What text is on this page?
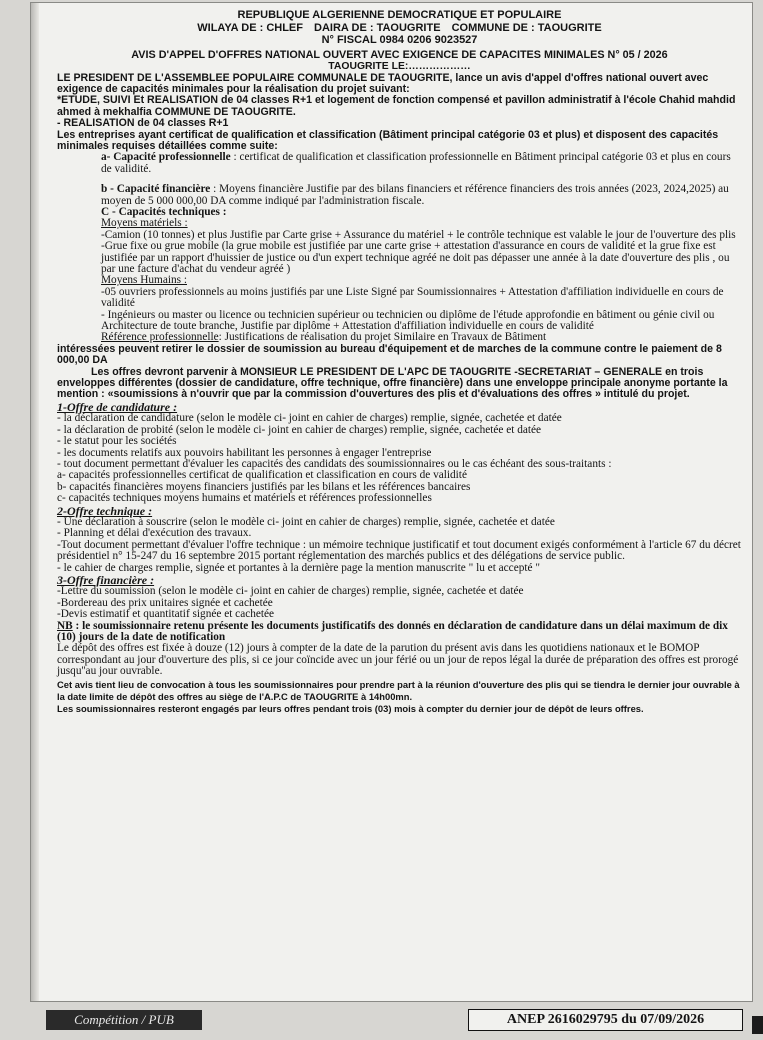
REPUBLIQUE ALGERIENNE DEMOCRATIQUE ET POPULAIRE
WILAYA DE : CHLEF DAIRA DE : TAOUGRITE COMMUNE DE : TAOUGRITE
N° FISCAL 0984 0206 9023527
AVIS D'APPEL D'OFFRES NATIONAL OUVERT AVEC EXIGENCE DE CAPACITES MINIMALES N° 05 / 2026
TAOUGRITE LE:………………

LE PRESIDENT DE L'ASSEMBLEE POPULAIRE COMMUNALE DE TAOUGRITE, lance un avis d'appel d'offres national ouvert avec exigence de capacités minimales pour la réalisation du projet suivant:

*ETUDE, SUIVI Et REALISATION de 04 classes R+1 et logement de fonction compensé et pavillon administratif à l'école Chahid mahdid ahmed à mekhalfia COMMUNE DE TAOUGRITE.

- REALISATION de 04 classes R+1

Les entreprises ayant certificat de qualification et classification (Bâtiment principal catégorie 03 et plus) et disposent des capacités minimales requises détaillées comme suite:

a- Capacité professionnelle : certificat de qualification et classification professionnelle en Bâtiment principal catégorie 03 et plus en cours de validité.

b - Capacité financière : Moyens financière Justifie par des bilans financiers et référence financiers des trois années (2023, 2024,2025) au moyen de 5 000 000,00 DA comme indiqué par l'administration fiscale.

C - Capacités techniques :

Moyens matériels :

-Camion (10 tonnes) et plus Justifie par Carte grise + Assurance du matériel + le contrôle technique est valable le jour de l'ouverture des plis

-Grue fixe ou grue mobile (la grue mobile est justifiée par une carte grise + attestation d'assurance en cours de validité et la grue fixe est justifiée par un rapport d'huissier de justice ou d'un expert technique agréé ne doit pas dépasser une année à la date d'ouverture des plis , ou par une facture d'achat du vendeur agréé )

Moyens Humains :

-05 ouvriers professionnels au moins justifiés par une Liste Signé par Soumissionnaires + Attestation d'affiliation individuelle en cours de validité

- Ingénieurs ou master ou licence ou technicien supérieur ou technicien ou diplôme de l'étude approfondie en bâtiment ou génie civil ou Architecture de toute branche, Justifie par diplôme + Attestation d'affiliation individuelle en cours de validité

Référence professionnelle: Justifications de réalisation du projet Similaire en Travaux de Bâtiment

intéressées peuvent retirer le dossier de soumission au bureau d'équipement et de marches de la commune contre le paiement de 8 000,00 DA

Les offres devront parvenir à MONSIEUR LE PRESIDENT DE L'APC DE TAOUGRITE -SECRETARIAT – GENERALE en trois enveloppes différentes (dossier de candidature, offre technique, offre financière) dans une enveloppe principale anonyme portante la mention : «soumissions à n'ouvrir que par la commission d'ouvertures des plis et d'évaluations des offres » intitulé du projet.

1-Offre de candidature :

- la déclaration de candidature (selon le modèle ci- joint en cahier de charges) remplie, signée, cachetée et datée

- la déclaration de probité (selon le modèle ci- joint en cahier de charges) remplie, signée, cachetée et datée

- le statut pour les sociétés

- les documents relatifs aux pouvoirs habilitant les personnes à engager l'entreprise

- tout document permettant d'évaluer les capacités des candidats des soumissionnaires ou le cas échéant des sous-traitants :

a- capacités professionnelles certificat de qualification et classification en cours de validité

b- capacités financières moyens financiers justifiés par les bilans et les références bancaires

c- capacités techniques moyens humains et matériels et références professionnelles

2-Offre technique :

- Une déclaration à souscrire (selon le modèle ci- joint en cahier de charges) remplie, signée, cachetée et datée

- Planning et délai d'exécution des travaux.

-Tout document permettant d'évaluer l'offre technique : un mémoire technique justificatif et tout document exigés conformément à l'article 67 du décret présidentiel n° 15-247 du 16 septembre 2015 portant réglementation des marchés publics et des délégations de service public.

- le cahier de charges remplie, signée et portantes à la dernière page la mention manuscrite " lu et accepté "

3-Offre financière :

-Lettre du soumission (selon le modèle ci- joint en cahier de charges) remplie, signée, cachetée et datée

-Bordereau des prix unitaires signée et cachetée

-Devis estimatif et quantitatif signée et cachetée

NB : le soumissionnaire retenu présente les documents justificatifs des donnés en déclaration de candidature dans un délai maximum de dix (10) jours de la date de notification

Le dépôt des offres est fixée à douze (12) jours à compter de la date de la parution du présent avis dans les quotidiens nationaux et le BOMOP correspondant au jour d'ouverture des plis, si ce jour coïncide avec un jour férié ou un jour de repos légal la durée de préparation des offres est prorogé jusqu''au jour ouvrable.

Cet avis tient lieu de convocation à tous les soumissionnaires pour prendre part à la réunion d'ouverture des plis qui se tiendra le dernier jour ouvrable à la date limite de dépôt des offres au siège de l'A.P.C de TAOUGRITE à 14h00mn.

Les soumissionnaires resteront engagés par leurs offres pendant trois (03) mois à compter du dernier jour de dépôt de leurs offres.

Compétition / PUB	ANEP 2616029795 du 07/09/2026
